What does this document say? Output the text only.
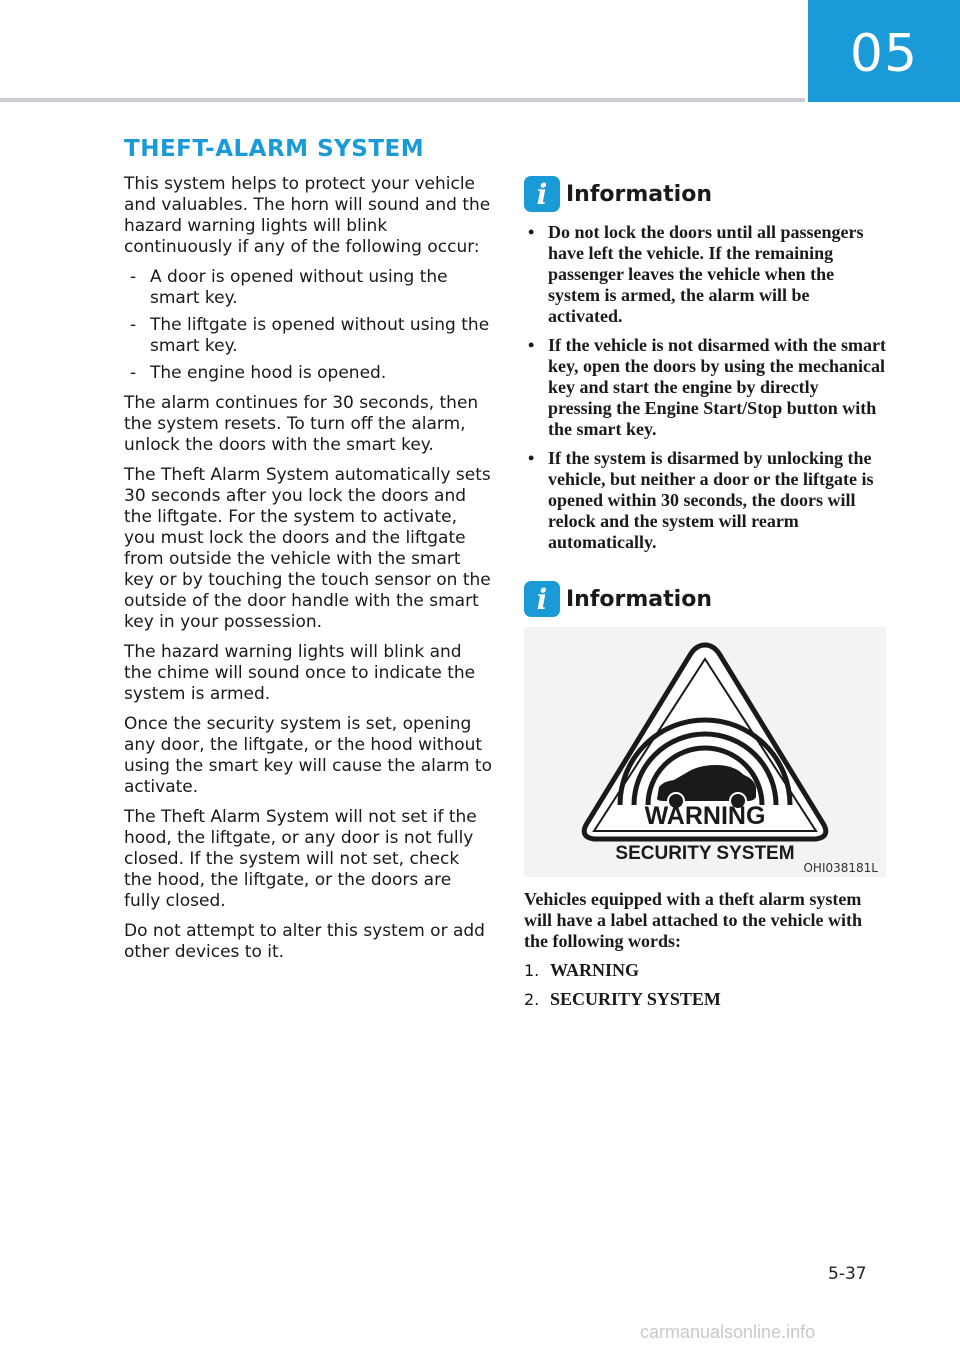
05
THEFT-ALARM SYSTEM

This system helps to protect your vehicle and valuables. The horn will sound and the hazard warning lights will blink continuously if any of the following occur:

- A door is opened without using the smart key.
- The liftgate is opened without using the smart key.
- The engine hood is opened.

The alarm continues for 30 seconds, then the system resets. To turn off the alarm, unlock the doors with the smart key.

The Theft Alarm System automatically sets 30 seconds after you lock the doors and the liftgate. For the system to activate, you must lock the doors and the liftgate from outside the vehicle with the smart key or by touching the touch sensor on the outside of the door handle with the smart key in your possession.

The hazard warning lights will blink and the chime will sound once to indicate the system is armed.

Once the security system is set, opening any door, the liftgate, or the hood without using the smart key will cause the alarm to activate.

The Theft Alarm System will not set if the hood, the liftgate, or any door is not fully closed. If the system will not set, check the hood, the liftgate, or the doors are fully closed.

Do not attempt to alter this system or add other devices to it.

i Information
• Do not lock the doors until all passengers have left the vehicle. If the remaining passenger leaves the vehicle when the system is armed, the alarm will be activated.
• If the vehicle is not disarmed with the smart key, open the doors by using the mechanical key and start the engine by directly pressing the Engine Start/Stop button with the smart key.
• If the system is disarmed by unlocking the vehicle, but neither a door or the liftgate is opened within 30 seconds, the doors will relock and the system will rearm automatically.
i Information
WARNING
SECURITY SYSTEM
OHI038181L

Vehicles equipped with a theft alarm system will have a label attached to the vehicle with the following words:

1. WARNING
2. SECURITY SYSTEM
5-37
carmanualsonline.info
